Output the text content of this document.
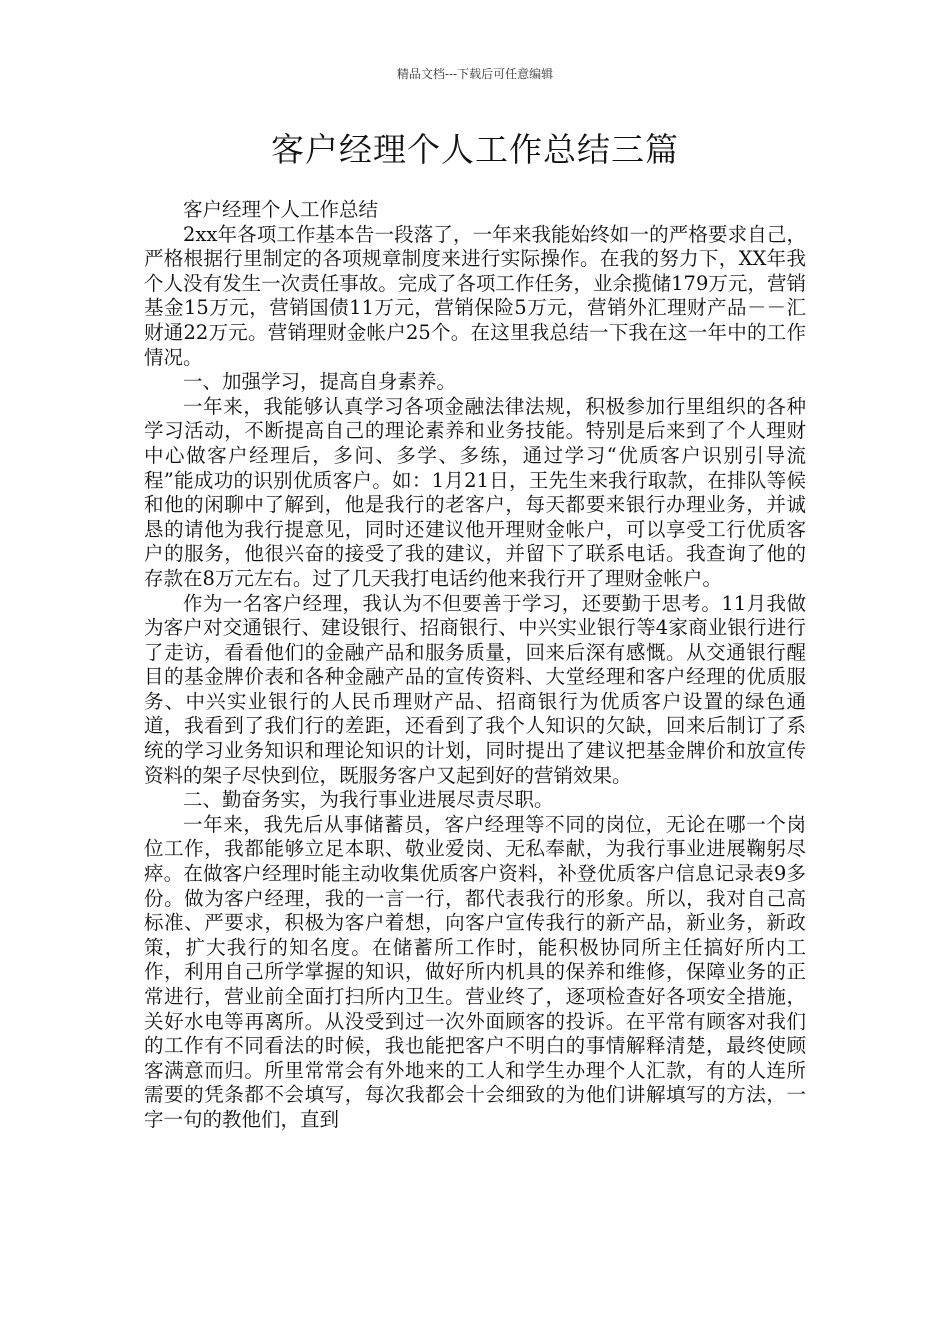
精品文档---下载后可任意编辑
客户经理个人工作总结三篇

客户经理个人工作总结

2xx年各项工作基本告一段落了，一年来我能始终如一的严格要求自己，严格根据行里制定的各项规章制度来进行实际操作。在我的努力下，XX年我个人没有发生一次责任事故。完成了各项工作任务，业余揽储179万元，营销基金15万元，营销国债11万元，营销保险5万元，营销外汇理财产品－－汇财通22万元。营销理财金帐户25个。在这里我总结一下我在这一年中的工作情况。

一、加强学习，提高自身素养。

一年来，我能够认真学习各项金融法律法规，积极参加行里组织的各种学习活动，不断提高自己的理论素养和业务技能。特别是后来到了个人理财中心做客户经理后，多问、多学、多练，通过学习“优质客户识别引导流程”能成功的识别优质客户。如：1月21日，王先生来我行取款，在排队等候和他的闲聊中了解到，他是我行的老客户，每天都要来银行办理业务，并诚恳的请他为我行提意见，同时还建议他开理财金帐户，可以享受工行优质客户的服务，他很兴奋的接受了我的建议，并留下了联系电话。我查询了他的存款在8万元左右。过了几天我打电话约他来我行开了理财金帐户。

作为一名客户经理，我认为不但要善于学习，还要勤于思考。11月我做为客户对交通银行、建设银行、招商银行、中兴实业银行等4家商业银行进行了走访，看看他们的金融产品和服务质量，回来后深有感慨。从交通银行醒目的基金牌价表和各种金融产品的宣传资料、大堂经理和客户经理的优质服务、中兴实业银行的人民币理财产品、招商银行为优质客户设置的绿色通道，我看到了我们行的差距，还看到了我个人知识的欠缺，回来后制订了系统的学习业务知识和理论知识的计划，同时提出了建议把基金牌价和放宣传资料的架子尽快到位，既服务客户又起到好的营销效果。

二、勤奋务实，为我行事业进展尽责尽职。

一年来，我先后从事储蓄员，客户经理等不同的岗位，无论在哪一个岗位工作，我都能够立足本职、敬业爱岗、无私奉献，为我行事业进展鞠躬尽瘁。在做客户经理时能主动收集优质客户资料，补登优质客户信息记录表9多份。做为客户经理，我的一言一行，都代表我行的形象。所以，我对自己高标准、严要求，积极为客户着想，向客户宣传我行的新产品，新业务，新政策，扩大我行的知名度。在储蓄所工作时，能积极协同所主任搞好所内工作，利用自己所学掌握的知识，做好所内机具的保养和维修，保障业务的正常进行，营业前全面打扫所内卫生。营业终了，逐项检查好各项安全措施，关好水电等再离所。从没受到过一次外面顾客的投诉。在平常有顾客对我们的工作有不同看法的时候，我也能把客户不明白的事情解释清楚，最终使顾客满意而归。所里常常会有外地来的工人和学生办理个人汇款，有的人连所需要的凭条都不会填写，每次我都会十会细致的为他们讲解填写的方法，一字一句的教他们，直到
